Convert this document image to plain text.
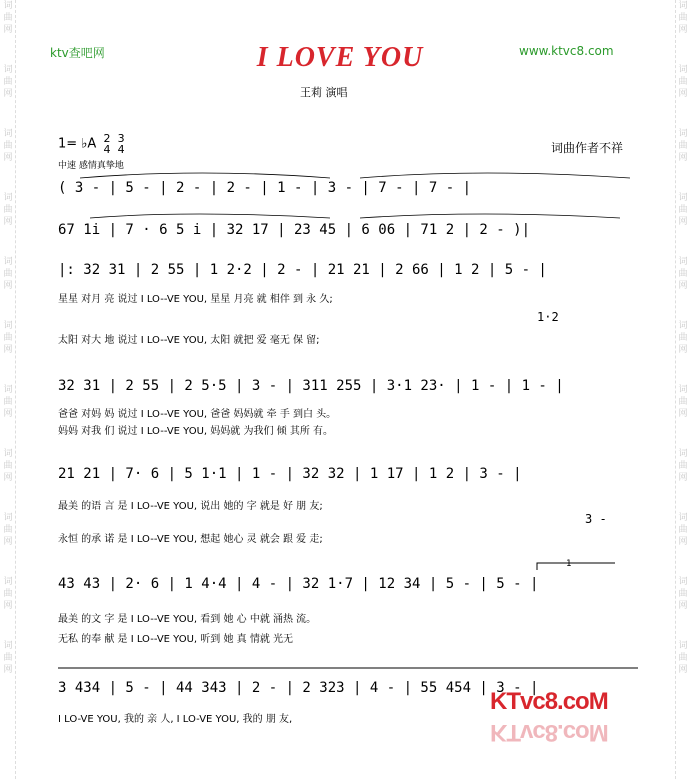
词
曲
网
词
曲
网
词
曲
网
词
曲
网
词
曲
网
词
曲
网
词
曲
网
词
曲
网
词
曲
网
词
曲
网
词
曲
网
词
曲
网
词
曲
网
词
曲
网
词
曲
网
词
曲
网
词
曲
网
词
曲
网
词
曲
网
词
曲
网
词
曲
网
词
曲
网
ktv查吧网	I LOVE YOU	www.ktvc8.com
王莉 演唱
1= ♭A 2
4

3
4	词曲作者不祥
中速 感情真挚地
( 3 - | 5 - | 2 - | 2 - | 1 - | 3 - | 7 - | 7 - |
67 1i | 7 · 6 5 i | 32 17 | 23 45 | 6 06 | 71 2 | 2 - )|
|: 32 31 | 2 55 | 1 2·2 | 2 - | 21 21 | 2 66 | 1 2 | 5 - |
星星 对月 亮 说过 I LO--VE YOU, 星星 月亮 就 相伴 到 永 久;
1·2
太阳 对大 地 说过 I LO--VE YOU, 太阳 就把 爱 毫无 保 留;
32 31 | 2 55 | 2 5·5 | 3 - | 311 255 | 3·1 23· | 1 - | 1 - |
爸爸 对妈 妈 说过 I LO--VE YOU, 爸爸 妈妈就 牵 手 到白 头。
妈妈 对我 们 说过 I LO--VE YOU, 妈妈就 为我们 倾 其所 有。
21 21 | 7· 6 | 5 1·1 | 1 - | 32 32 | 1 17 | 1 2 | 3 - |
最美 的语 言 是 I LO--VE YOU, 说出 她的 字 就是 好 朋 友;
3 -
永恒 的承 诺 是 I LO--VE YOU, 想起 她心 灵 就会 跟 爱 走;
43 43 | 2· 6 | 1 4·4 | 4 - | 32 1·7 | 12 34 | 5 - | 5 - |
1
最美 的文 字 是 I LO--VE YOU, 看到 她 心 中就 涌热 流。
无私 的奉 献 是 I LO--VE YOU, 听到 她 真 情就 光无
3 434 | 5 - | 44 343 | 2 - | 2 323 | 4 - | 55 454 | 3 - |
I LO-VE YOU, 我的 亲 人, I LO-VE YOU, 我的 朋 友,
KTvc8.coM
KTvc8.coM
